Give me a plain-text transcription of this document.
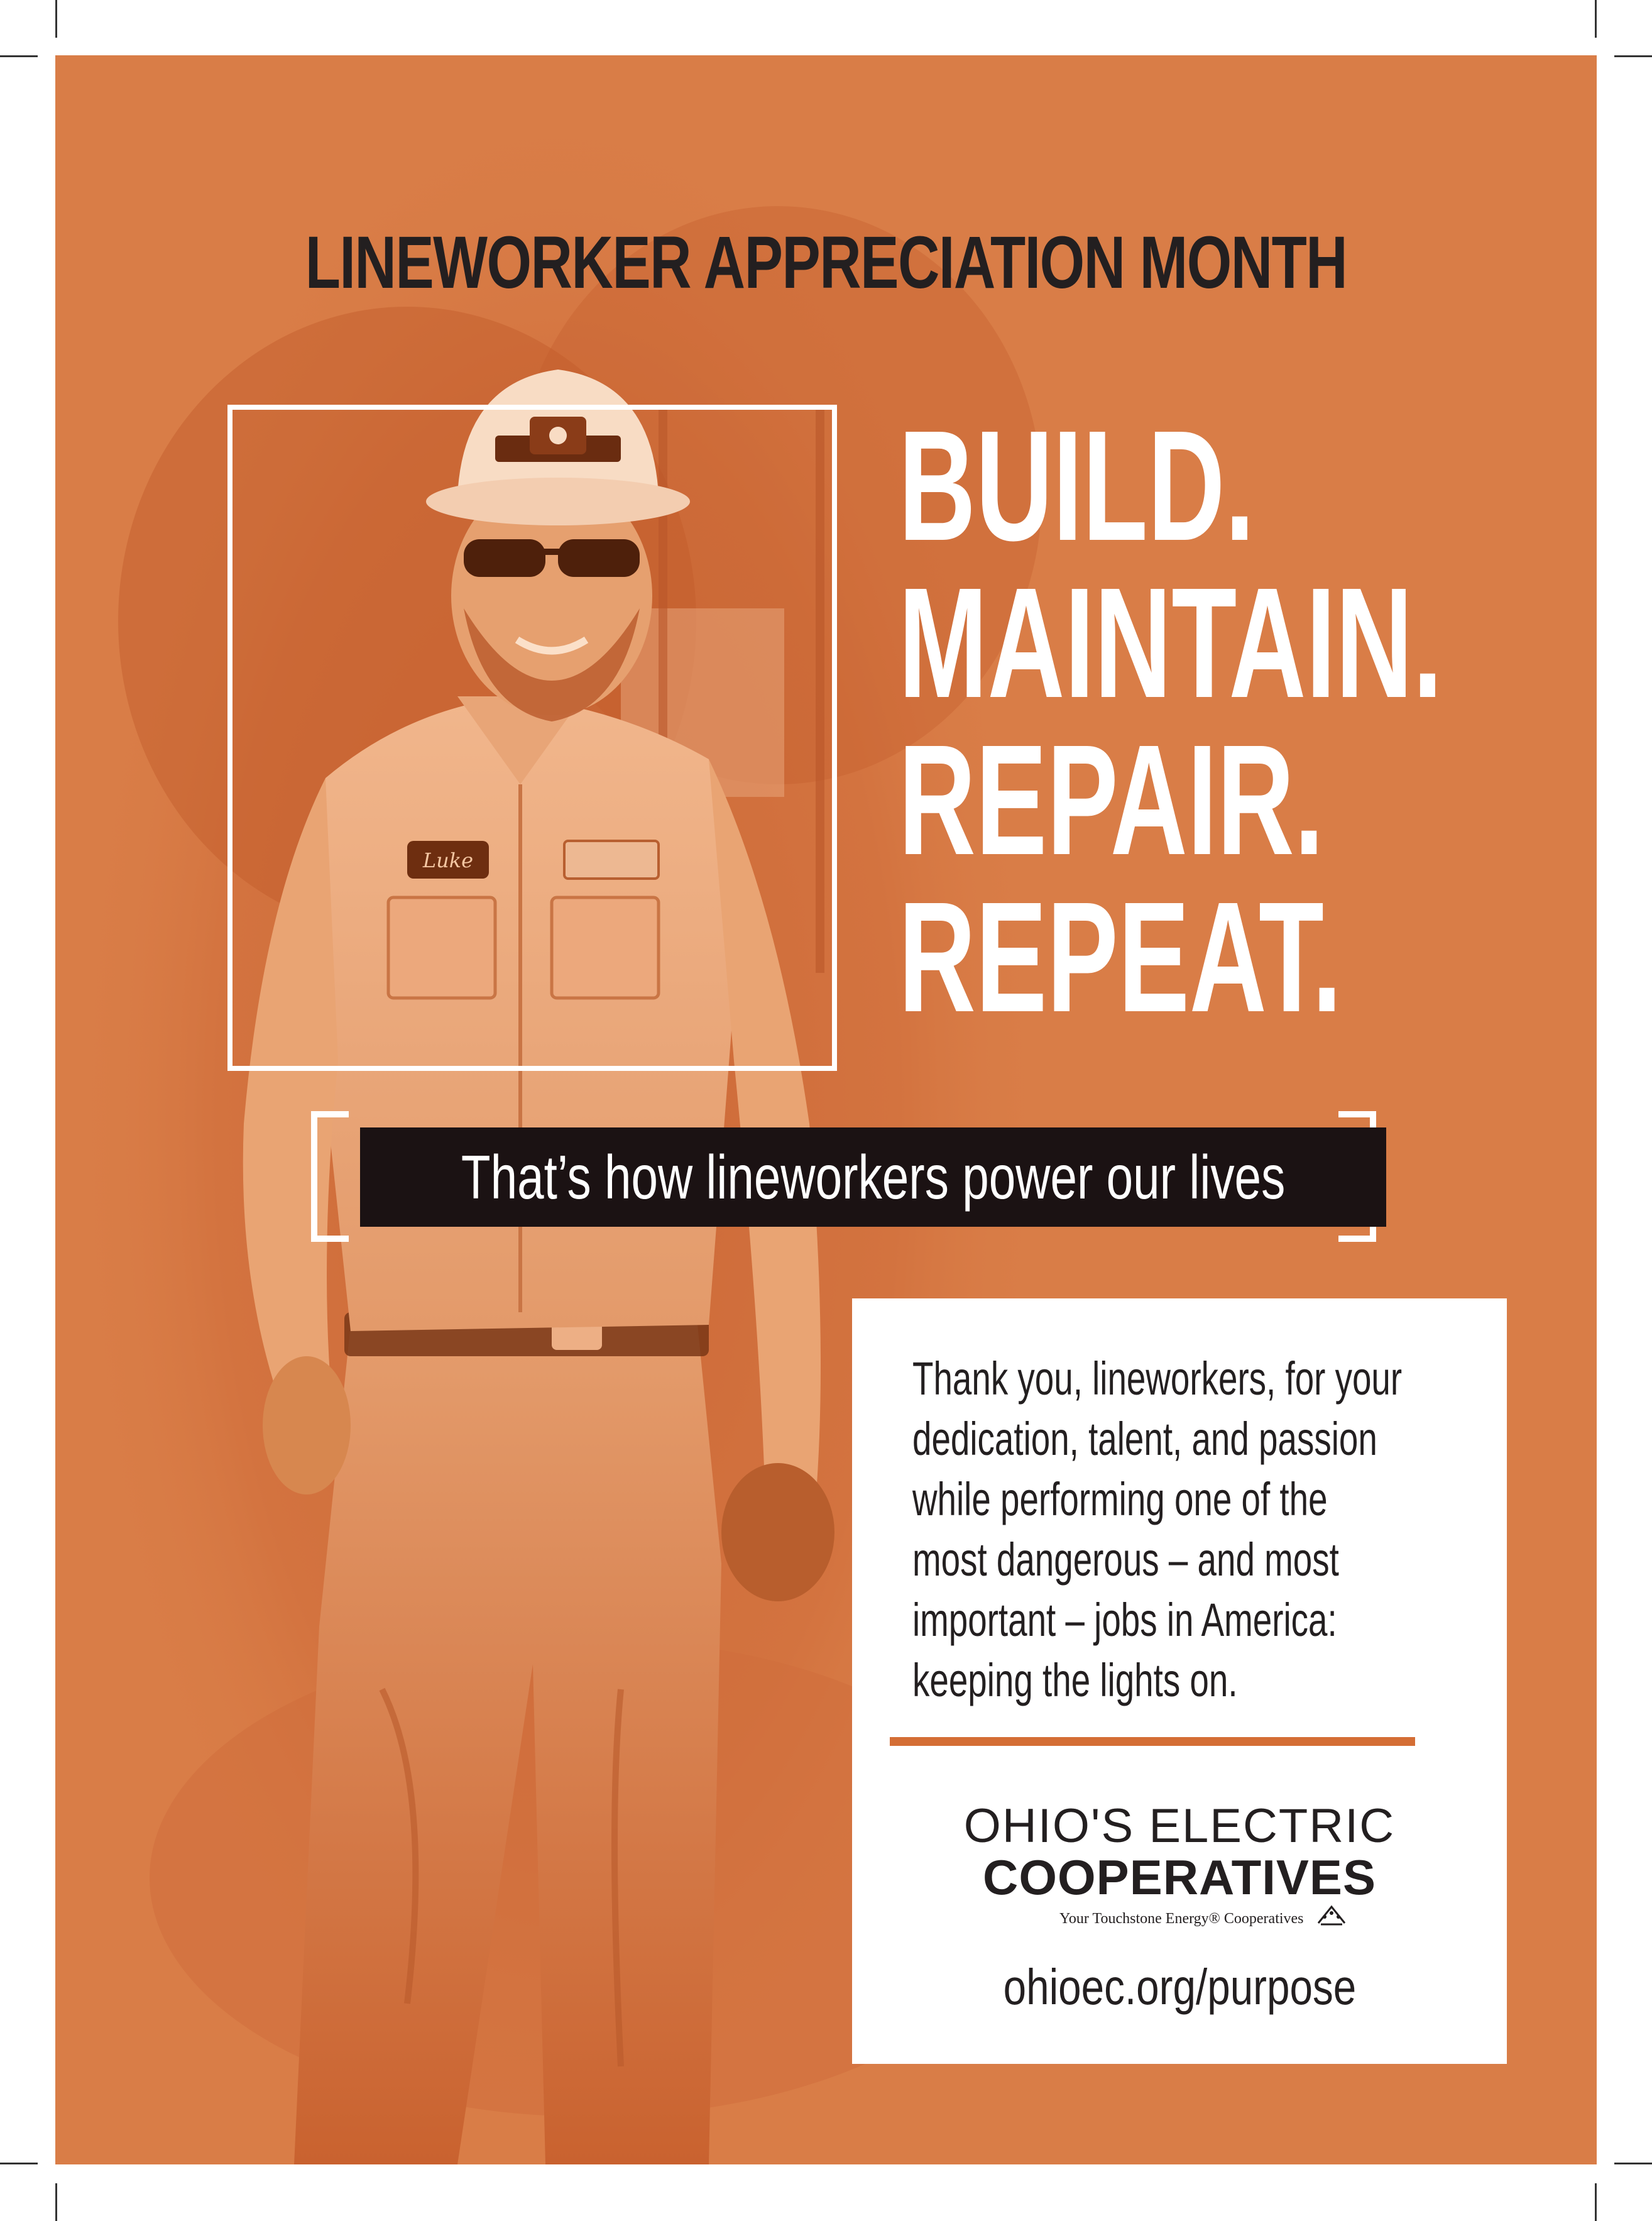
Luke
LINEWORKER APPRECIATION MONTH
BUILD.
MAINTAIN.
REPAIR.
REPEAT.
That’s how lineworkers power our lives
Thank you, lineworkers, for your
dedication, talent, and passion
while performing one of the
most dangerous – and most
important – jobs in America:
keeping the lights on.
OHIO'S ELECTRIC
COOPERATIVES
Your Touchstone Energy® Cooperatives
ohioec.org/purpose
